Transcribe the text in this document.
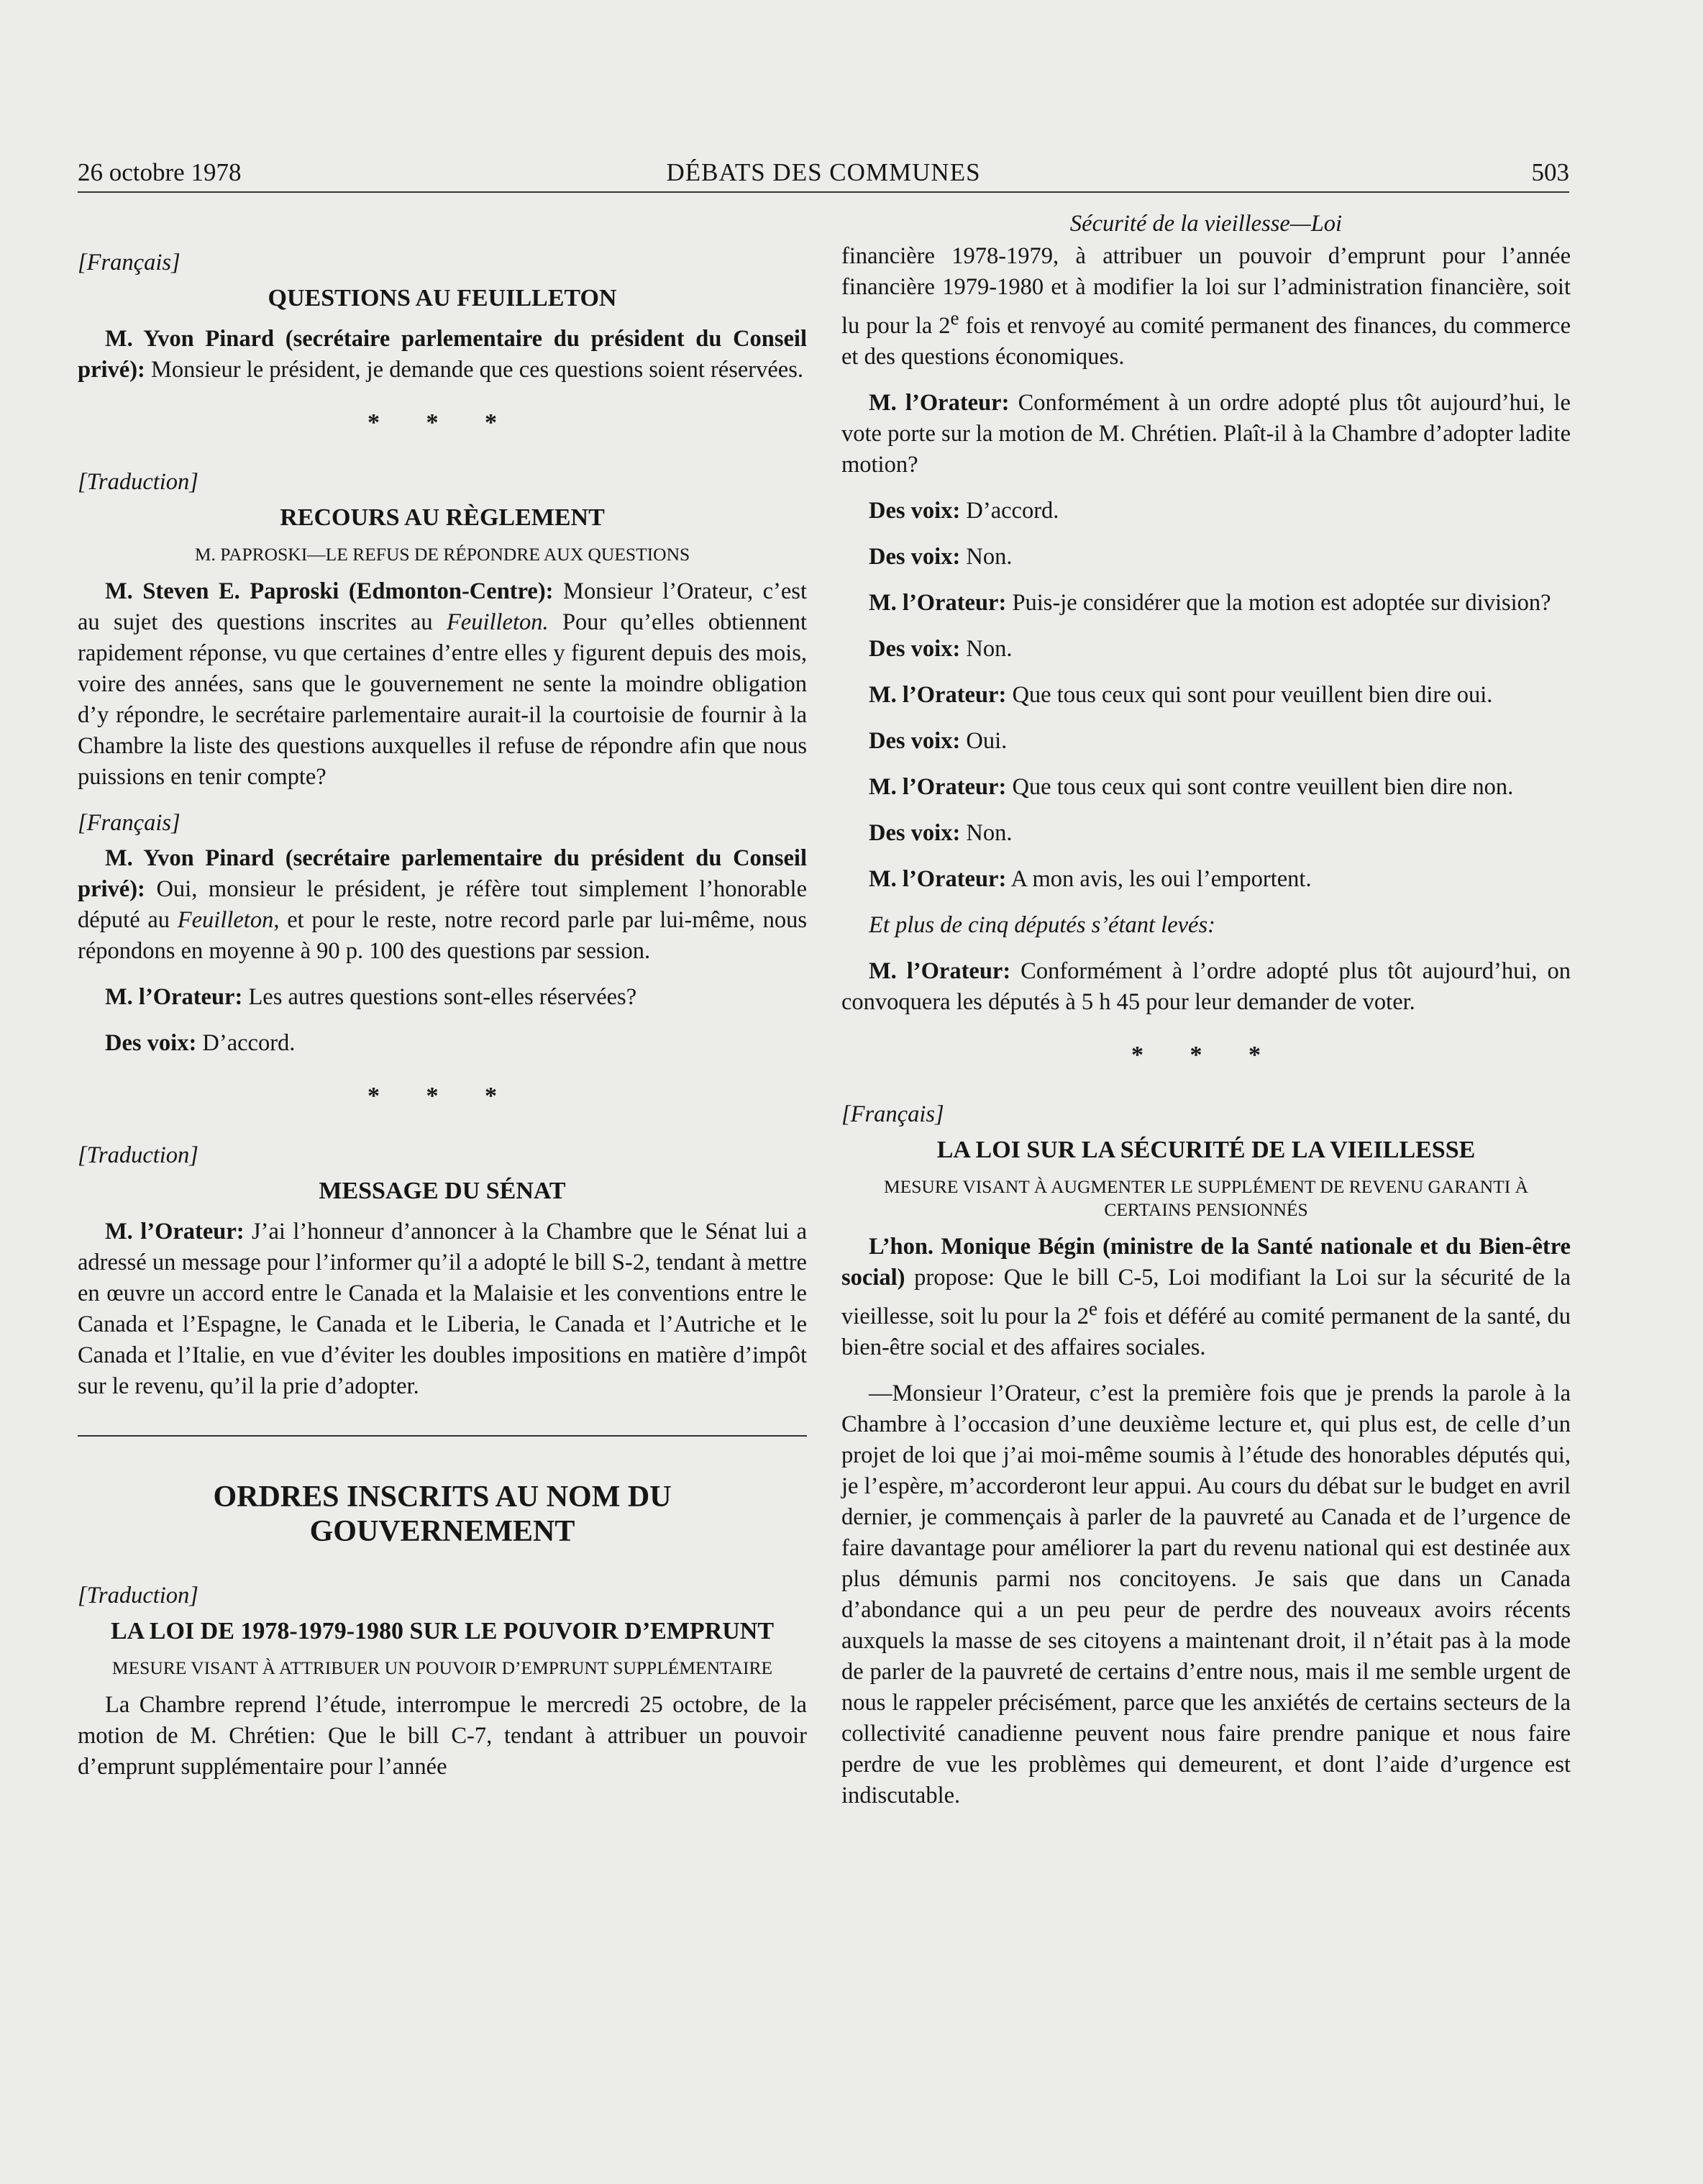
26 octobre 1978	DÉBATS DES COMMUNES	503
[Français]
QUESTIONS AU FEUILLETON

M. Yvon Pinard (secrétaire parlementaire du président du Conseil privé): Monsieur le président, je demande que ces questions soient réservées.

* * *
[Traduction]
RECOURS AU RÈGLEMENT
M. PAPROSKI—LE REFUS DE RÉPONDRE AUX QUESTIONS

M. Steven E. Paproski (Edmonton-Centre): Monsieur l’Orateur, c’est au sujet des questions inscrites au Feuilleton. Pour qu’elles obtiennent rapidement réponse, vu que certaines d’entre elles y figurent depuis des mois, voire des années, sans que le gouvernement ne sente la moindre obligation d’y répondre, le secrétaire parlementaire aurait-il la courtoisie de fournir à la Chambre la liste des questions auxquelles il refuse de répondre afin que nous puissions en tenir compte?

[Français]

M. Yvon Pinard (secrétaire parlementaire du président du Conseil privé): Oui, monsieur le président, je réfère tout simplement l’honorable député au Feuilleton, et pour le reste, notre record parle par lui-même, nous répondons en moyenne à 90 p. 100 des questions par session.

M. l’Orateur: Les autres questions sont-elles réservées?

Des voix: D’accord.

* * *
[Traduction]
MESSAGE DU SÉNAT

M. l’Orateur: J’ai l’honneur d’annoncer à la Chambre que le Sénat lui a adressé un message pour l’informer qu’il a adopté le bill S-2, tendant à mettre en œuvre un accord entre le Canada et la Malaisie et les conventions entre le Canada et l’Espagne, le Canada et le Liberia, le Canada et l’Autriche et le Canada et l’Italie, en vue d’éviter les doubles impositions en matière d’impôt sur le revenu, qu’il la prie d’adopter.

ORDRES INSCRITS AU NOM DU GOUVERNEMENT
[Traduction]
LA LOI DE 1978-1979-1980 SUR LE POUVOIR D’EMPRUNT
MESURE VISANT À ATTRIBUER UN POUVOIR D’EMPRUNT SUPPLÉMENTAIRE

La Chambre reprend l’étude, interrompue le mercredi 25 octobre, de la motion de M. Chrétien: Que le bill C-7, tendant à attribuer un pouvoir d’emprunt supplémentaire pour l’année

Sécurité de la vieillesse—Loi

financière 1978-1979, à attribuer un pouvoir d’emprunt pour l’année financière 1979-1980 et à modifier la loi sur l’administration financière, soit lu pour la 2e fois et renvoyé au comité permanent des finances, du commerce et des questions économiques.

M. l’Orateur: Conformément à un ordre adopté plus tôt aujourd’hui, le vote porte sur la motion de M. Chrétien. Plaît-il à la Chambre d’adopter ladite motion?

Des voix: D’accord.

Des voix: Non.

M. l’Orateur: Puis-je considérer que la motion est adoptée sur division?

Des voix: Non.

M. l’Orateur: Que tous ceux qui sont pour veuillent bien dire oui.

Des voix: Oui.

M. l’Orateur: Que tous ceux qui sont contre veuillent bien dire non.

Des voix: Non.

M. l’Orateur: A mon avis, les oui l’emportent.

Et plus de cinq députés s’étant levés:

M. l’Orateur: Conformément à l’ordre adopté plus tôt aujourd’hui, on convoquera les députés à 5 h 45 pour leur demander de voter.

* * *
[Français]
LA LOI SUR LA SÉCURITÉ DE LA VIEILLESSE
MESURE VISANT À AUGMENTER LE SUPPLÉMENT DE REVENU GARANTI À CERTAINS PENSIONNÉS

L’hon. Monique Bégin (ministre de la Santé nationale et du Bien-être social) propose: Que le bill C-5, Loi modifiant la Loi sur la sécurité de la vieillesse, soit lu pour la 2e fois et déféré au comité permanent de la santé, du bien-être social et des affaires sociales.

—Monsieur l’Orateur, c’est la première fois que je prends la parole à la Chambre à l’occasion d’une deuxième lecture et, qui plus est, de celle d’un projet de loi que j’ai moi-même soumis à l’étude des honorables députés qui, je l’espère, m’accorderont leur appui. Au cours du débat sur le budget en avril dernier, je commençais à parler de la pauvreté au Canada et de l’urgence de faire davantage pour améliorer la part du revenu national qui est destinée aux plus démunis parmi nos concitoyens. Je sais que dans un Canada d’abondance qui a un peu peur de perdre des nouveaux avoirs récents auxquels la masse de ses citoyens a maintenant droit, il n’était pas à la mode de parler de la pauvreté de certains d’entre nous, mais il me semble urgent de nous le rappeler précisément, parce que les anxiétés de certains secteurs de la collectivité canadienne peuvent nous faire prendre panique et nous faire perdre de vue les problèmes qui demeurent, et dont l’aide d’urgence est indiscutable.
